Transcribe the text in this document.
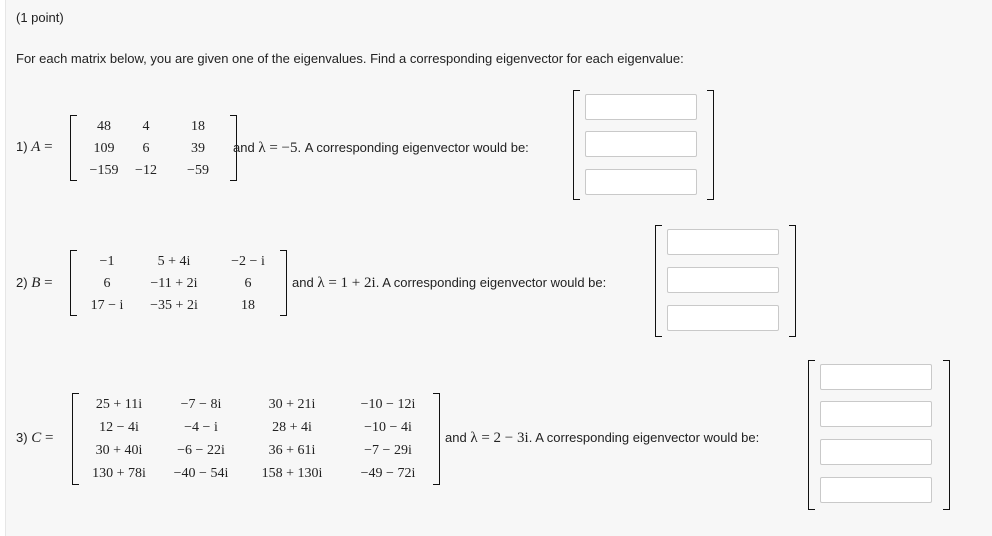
(1 point)
For each matrix below, you are given one of the eigenvalues. Find a corresponding eigenvector for each eigenvalue:
1) A =
48	4	18
109	6	39
−159	−12	−59
and λ = −5. A corresponding eigenvector would be:
2) B =
−1	5 + 4i	−2 − i
6	−11 + 2i	6
17 − i	−35 + 2i	18
and λ = 1 + 2i. A corresponding eigenvector would be:
3) C =
25 + 11i	−7 − 8i	30 + 21i	−10 − 12i
12 − 4i	−4 − i	28 + 4i	−10 − 4i
30 + 40i	−6 − 22i	36 + 61i	−7 − 29i
130 + 78i	−40 − 54i	158 + 130i	−49 − 72i
and λ = 2 − 3i. A corresponding eigenvector would be:
